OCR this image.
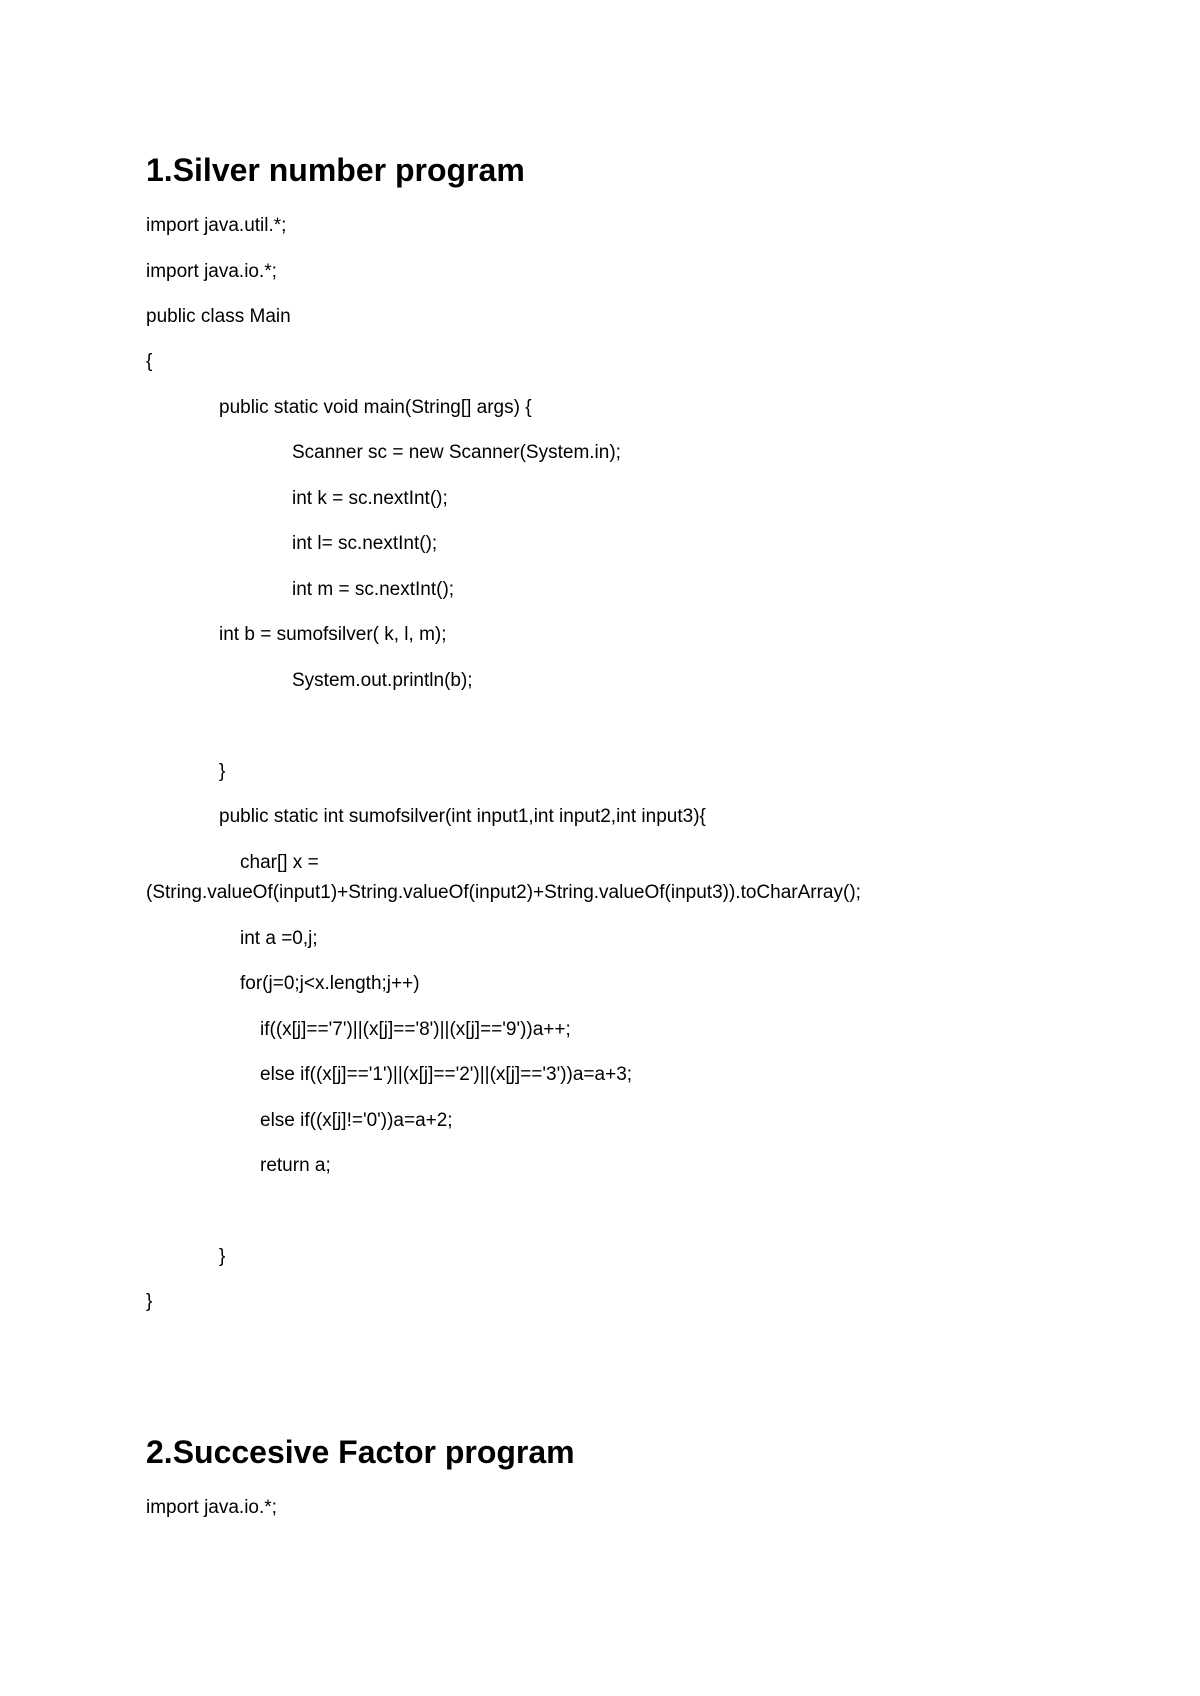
1.Silver number program
import java.util.*;
import java.io.*;
public class Main
{
public static void main(String[] args) {
Scanner sc = new Scanner(System.in);
int k = sc.nextInt();
int l= sc.nextInt();
int m = sc.nextInt();
int b = sumofsilver( k, l, m);
System.out.println(b);
}
public static int sumofsilver(int input1,int input2,int input3){
char[] x =
(String.valueOf(input1)+String.valueOf(input2)+String.valueOf(input3)).toCharArray();
int a =0,j;
for(j=0;j<x.length;j++)
if((x[j]=='7')||(x[j]=='8')||(x[j]=='9'))a++;
else if((x[j]=='1')||(x[j]=='2')||(x[j]=='3'))a=a+3;
else if((x[j]!='0'))a=a+2;
return a;
}
}
2.Succesive Factor program
import java.io.*;
